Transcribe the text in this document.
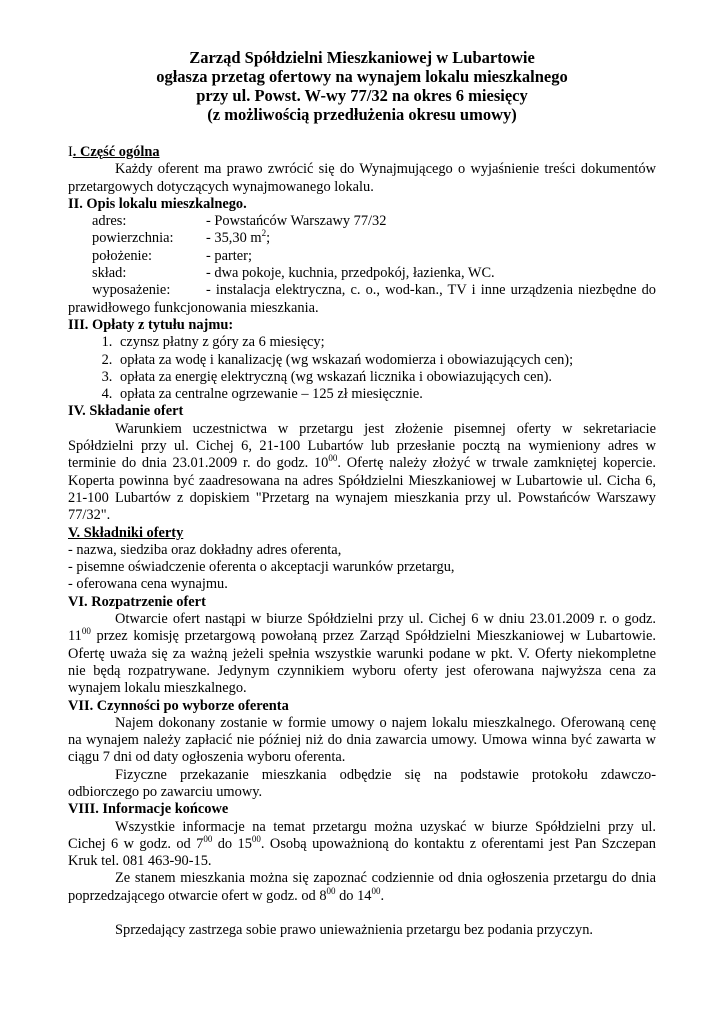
Zarząd Spółdzielni Mieszkaniowej w Lubartowie
ogłasza przetag ofertowy na wynajem lokalu mieszkalnego
przy ul. Powst. W-wy 77/32 na okres 6 miesięcy
(z możliwością przedłużenia okresu umowy)
I. Część ogólna
Każdy oferent ma prawo zwrócić się do Wynajmującego o wyjaśnienie treści dokumentów
przetargowych dotyczących wynajmowanego lokalu.
II. Opis lokalu mieszkalnego.
adres:	- Powstańców Warszawy 77/32
powierzchnia:	- 35,30 $m^2$;
położenie:	- parter;
skład:	- dwa pokoje, kuchnia, przedpokój, łazienka, WC.
wyposażenie:	- instalacja elektryczna, c. o., wod-kan., TV i inne urządzenia niezbędne do
prawidłowego funkcjonowania mieszkania.
III. Opłaty z tytułu najmu:
1. czynsz płatny z góry za 6 miesięcy;
2. opłata za wodę i kanalizację (wg wskazań wodomierza i obowiazujących cen);
3. opłata za energię elektryczną (wg wskazań licznika i obowiazujących cen).
4. opłata za centralne ogrzewanie – 125 zł miesięcznie.
IV. Składanie ofert
Warunkiem uczestnictwa w przetargu jest złożenie pisemnej oferty w sekretariacie
Spółdzielni przy ul. Cichej 6, 21-100 Lubartów lub przesłanie pocztą na wymieniony adres w
terminie do dnia 23.01.2009 r. do godz. $10^{00}$. Ofertę należy złożyć w trwale zamkniętej kopercie.
Koperta powinna być zaadresowana na adres Spółdzielni Mieszkaniowej w Lubartowie ul. Cicha 6,
21-100 Lubartów z dopiskiem "Przetarg na wynajem mieszkania przy ul. Powstańców Warszawy
77/32".
V. Składniki oferty
- nazwa, siedziba oraz dokładny adres oferenta,
- pisemne oświadczenie oferenta o akceptacji warunków przetargu,
- oferowana cena wynajmu.
VI. Rozpatrzenie ofert
Otwarcie ofert nastąpi w biurze Spółdzielni przy ul. Cichej 6 w dniu 23.01.2009 r. o godz.
$11^{00}$ przez komisję przetargową powołaną przez Zarząd Spółdzielni Mieszkaniowej w Lubartowie.
Ofertę uważa się za ważną jeżeli spełnia wszystkie warunki podane w pkt. V. Oferty niekompletne
nie będą rozpatrywane. Jedynym czynnikiem wyboru oferty jest oferowana najwyższa cena za
wynajem lokalu mieszkalnego.
VII. Czynności po wyborze oferenta
Najem dokonany zostanie w formie umowy o najem lokalu mieszkalnego. Oferowaną cenę
na wynajem należy zapłacić nie później niż do dnia zawarcia umowy. Umowa winna być zawarta w
ciągu 7 dni od daty ogłoszenia wyboru oferenta.
Fizyczne przekazanie mieszkania odbędzie się na podstawie protokołu zdawczo-
odbiorczego po zawarciu umowy.
VIII. Informacje końcowe
Wszystkie informacje na temat przetargu można uzyskać w biurze Spółdzielni przy ul.
Cichej 6 w godz. od $7^{00}$ do $15^{00}$. Osobą upoważnioną do kontaktu z oferentami jest Pan Szczepan
Kruk tel. 081 463-90-15.
Ze stanem mieszkania można się zapoznać codziennie od dnia ogłoszenia przetargu do dnia
poprzedzającego otwarcie ofert w godz. od $8^{00}$ do $14^{00}$.
Sprzedający zastrzega sobie prawo unieważnienia przetargu bez podania przyczyn.
